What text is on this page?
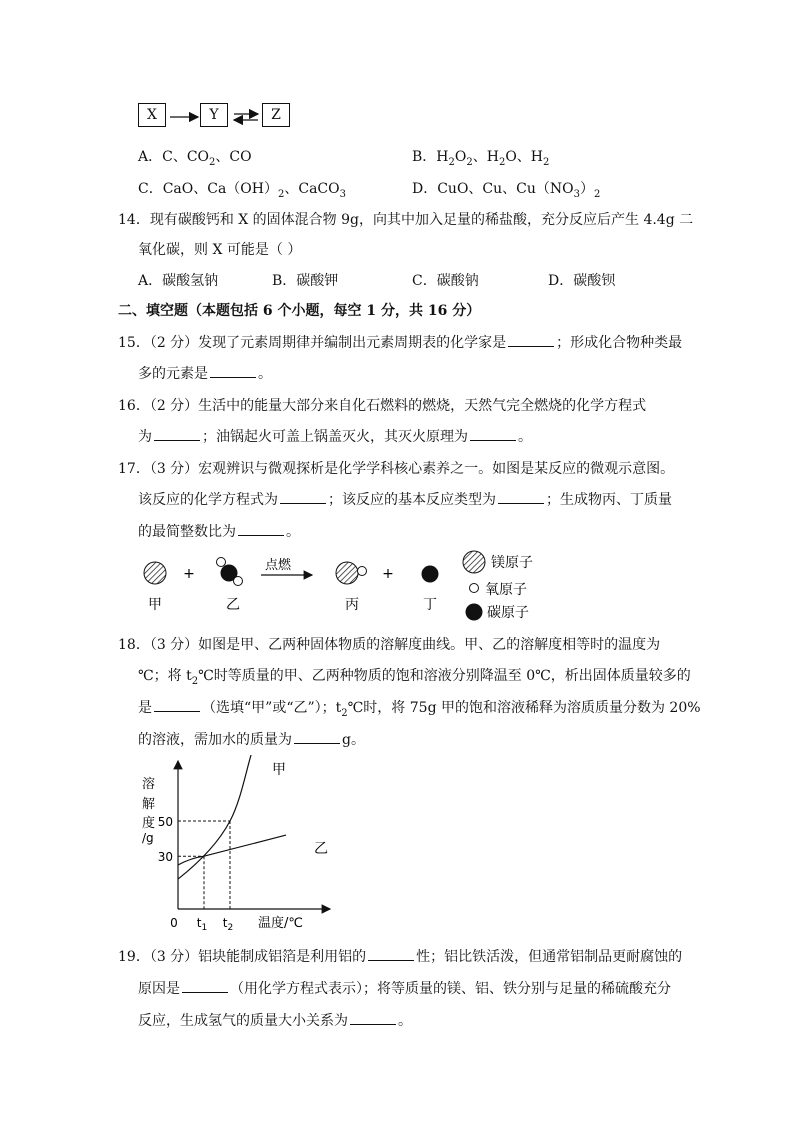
X	Y	Z
A．C、$CO_2$、CO	B．$H_2O_2$、$H_2O$、$H_2$
C．CaO、$Ca(OH)_2$、CaCO$_3$	D．CuO、Cu、$Cu(NO_3)_2$
14．现有碳酸钙和 X 的固体混合物 9g，向其中加入足量的稀盐酸，充分反应后产生 4.4g 二
氧化碳，则 X 可能是（ ）
A．碳酸氢钠	B．碳酸钾	C．碳酸钠	D．碳酸钡
二、填空题（本题包括 6 个小题，每空 1 分，共 16 分）
15．（2 分）发现了元素周期律并编制出元素周期表的化学家是	；形成化合物种类最
多的元素是	。
16．（2 分）生活中的能量大部分来自化石燃料的燃烧，天然气完全燃烧的化学方程式
为	；油锅起火可盖上锅盖灭火，其灭火原理为	。
17．（3 分）宏观辨识与微观探析是化学学科核心素养之一。如图是某反应的微观示意图。
该反应的化学方程式为	；该反应的基本反应类型为	；生成物丙、丁质量
的最简整数比为	。
+
点燃
+
甲	乙	丙	丁
镁原子
氧原子
碳原子
18．（3 分）如图是甲、乙两种固体物质的溶解度曲线。甲、乙的溶解度相等时的温度为
℃；将 $t_2℃$时等质量的甲、乙两种物质的饱和溶液分别降温至 0℃，析出固体质量较多的
是	（选填“甲”或“乙”）；$t_2℃$时，将 75g 甲的饱和溶液稀释为溶质质量分数为 20%
的溶液，需加水的质量为	g。
溶
解
度
/g
0	温度/℃
50
30
$t_1$ $t_2$
甲
乙
19．（3 分）铝块能制成铝箔是利用铝的	性；铝比铁活泼，但通常铝制品更耐腐蚀的
原因是	（用化学方程式表示）；将等质量的镁、铝、铁分别与足量的稀硫酸充分
反应，生成氢气的质量大小关系为	。
